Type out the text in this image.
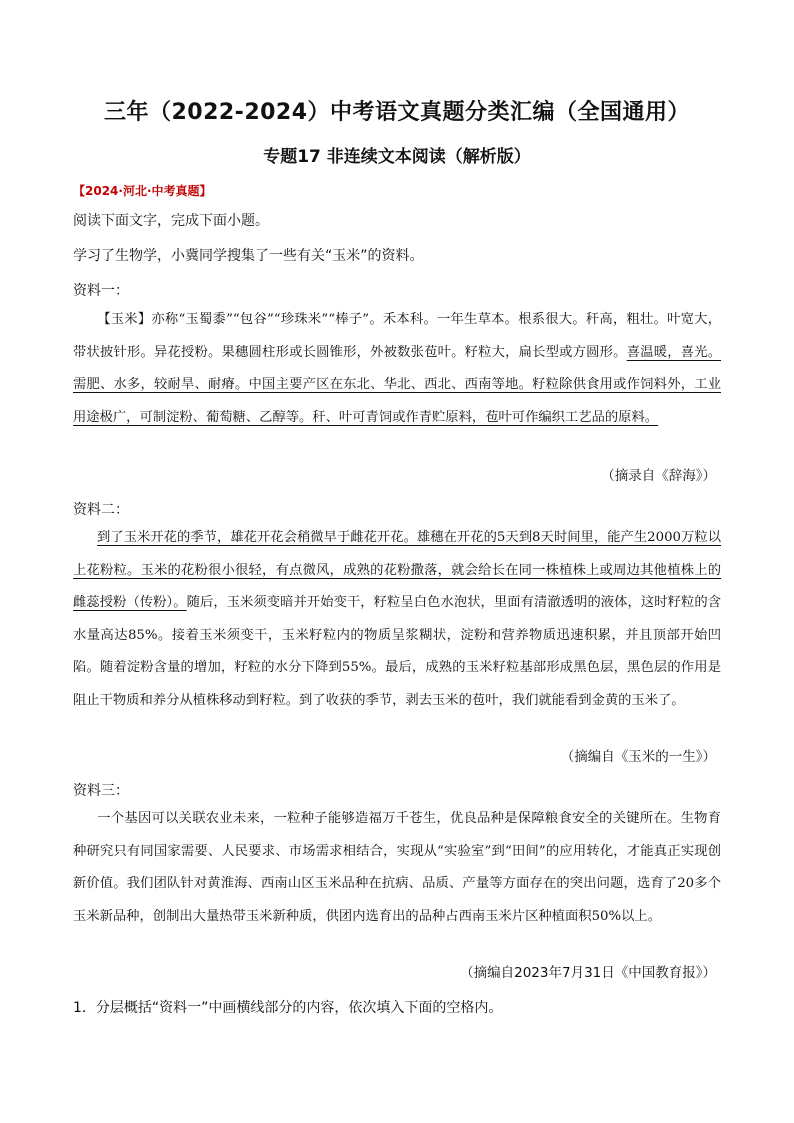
三年（2022-2024）中考语文真题分类汇编（全国通用）
专题17 非连续文本阅读（解析版）
【2024·河北·中考真题】
阅读下面文字，完成下面小题。
学习了生物学，小冀同学搜集了一些有关“玉米”的资料。
资料一：
【玉米】亦称“玉蜀黍”“包谷”“珍珠米”“棒子”。禾本科。一年生草本。根系很大。秆高，粗壮。叶宽大，带状披针形。异花授粉。果穗圆柱形或长圆锥形，外被数张苞叶。籽粒大，扁长型或方圆形。喜温暖，喜光。需肥、水多，较耐旱、耐瘠。中国主要产区在东北、华北、西北、西南等地。籽粒除供食用或作饲料外，工业用途极广，可制淀粉、葡萄糖、乙醇等。秆、叶可青饲或作青贮原料，苞叶可作编织工艺品的原料。
（摘录自《辞海》）
资料二：
到了玉米开花的季节，雄花开花会稍微早于雌花开花。雄穗在开花的5天到8天时间里，能产生2000万粒以上花粉粒。玉米的花粉很小很轻，有点微风，成熟的花粉撒落，就会给长在同一株植株上或周边其他植株上的雌蕊授粉（传粉）。随后，玉米须变暗并开始变干，籽粒呈白色水泡状，里面有清澈透明的液体，这时籽粒的含水量高达85%。接着玉米须变干，玉米籽粒内的物质呈浆糊状，淀粉和营养物质迅速积累，并且顶部开始凹陷。随着淀粉含量的增加，籽粒的水分下降到55%。最后，成熟的玉米籽粒基部形成黑色层，黑色层的作用是阻止干物质和养分从植株移动到籽粒。到了收获的季节，剥去玉米的苞叶，我们就能看到金黄的玉米了。
（摘编自《玉米的一生》）
资料三：
一个基因可以关联农业未来，一粒种子能够造福万千苍生，优良品种是保障粮食安全的关键所在。生物育种研究只有同国家需要、人民要求、市场需求相结合，实现从“实验室”到“田间”的应用转化，才能真正实现创新价值。我们团队针对黄淮海、西南山区玉米品种在抗病、品质、产量等方面存在的突出问题，选育了20多个玉米新品种，创制出大量热带玉米新种质，供团内选育出的品种占西南玉米片区种植面积50%以上。
（摘编自2023年7月31日《中国教育报》）
1．分层概括“资料一”中画横线部分的内容，依次填入下面的空格内。
